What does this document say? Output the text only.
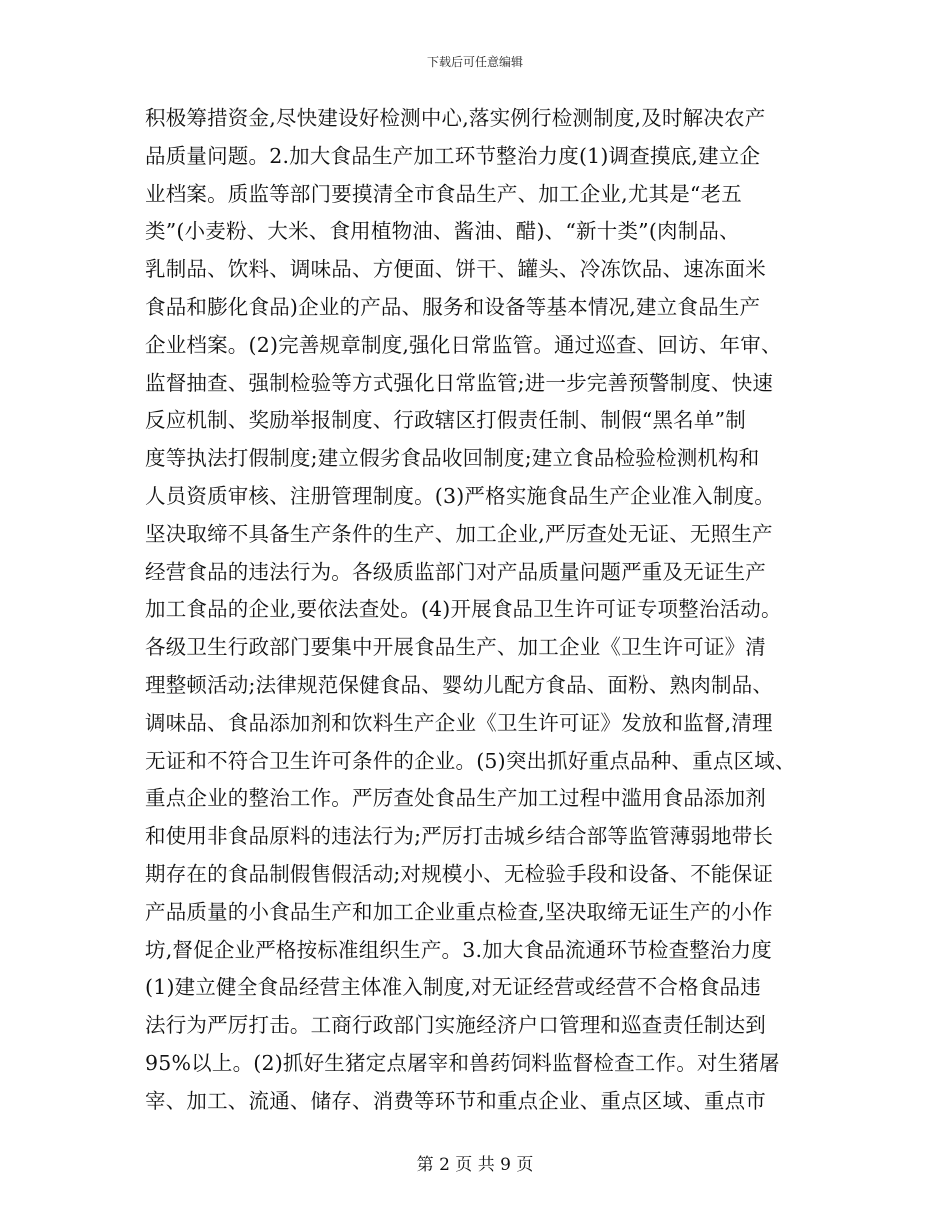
下载后可任意编辑
积极筹措资金,尽快建设好检测中心,落实例行检测制度,及时解决农产
品质量问题。2.加大食品生产加工环节整治力度(1)调查摸底,建立企
业档案。质监等部门要摸清全市食品生产、加工企业,尤其是“老五
类”(小麦粉、大米、食用植物油、酱油、醋)、“新十类”(肉制品、
乳制品、饮料、调味品、方便面、饼干、罐头、冷冻饮品、速冻面米
食品和膨化食品)企业的产品、服务和设备等基本情况,建立食品生产
企业档案。(2)完善规章制度,强化日常监管。通过巡查、回访、年审、
监督抽查、强制检验等方式强化日常监管;进一步完善预警制度、快速
反应机制、奖励举报制度、行政辖区打假责任制、制假“黑名单”制
度等执法打假制度;建立假劣食品收回制度;建立食品检验检测机构和
人员资质审核、注册管理制度。(3)严格实施食品生产企业准入制度。
坚决取缔不具备生产条件的生产、加工企业,严厉查处无证、无照生产
经营食品的违法行为。各级质监部门对产品质量问题严重及无证生产
加工食品的企业,要依法查处。(4)开展食品卫生许可证专项整治活动。
各级卫生行政部门要集中开展食品生产、加工企业《卫生许可证》清
理整顿活动;法律规范保健食品、婴幼儿配方食品、面粉、熟肉制品、
调味品、食品添加剂和饮料生产企业《卫生许可证》发放和监督,清理
无证和不符合卫生许可条件的企业。(5)突出抓好重点品种、重点区域、
重点企业的整治工作。严厉查处食品生产加工过程中滥用食品添加剂
和使用非食品原料的违法行为;严厉打击城乡结合部等监管薄弱地带长
期存在的食品制假售假活动;对规模小、无检验手段和设备、不能保证
产品质量的小食品生产和加工企业重点检查,坚决取缔无证生产的小作
坊,督促企业严格按标准组织生产。3.加大食品流通环节检查整治力度
(1)建立健全食品经营主体准入制度,对无证经营或经营不合格食品违
法行为严厉打击。工商行政部门实施经济户口管理和巡查责任制达到
95%以上。(2)抓好生猪定点屠宰和兽药饲料监督检查工作。对生猪屠
宰、加工、流通、储存、消费等环节和重点企业、重点区域、重点市
第 2 页 共 9 页
